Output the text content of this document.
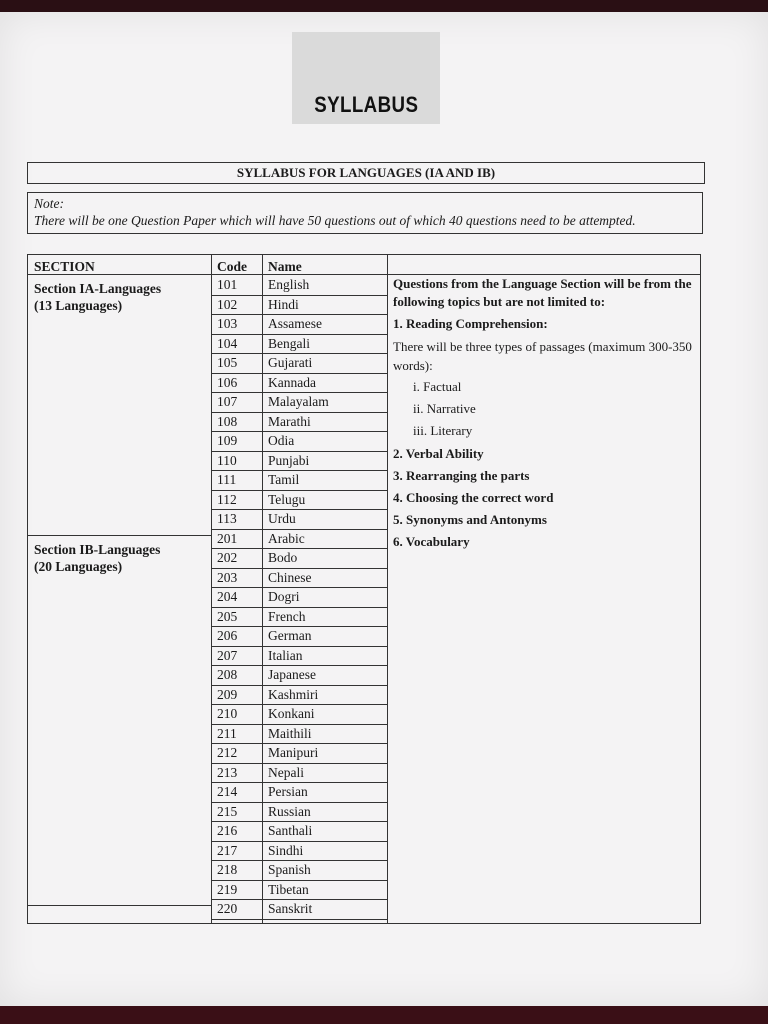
SYLLABUS
SYLLABUS FOR LANGUAGES (IA AND IB)
Note:
There will be one Question Paper which will have 50 questions out of which 40 questions need to be attempted.
SECTION	Code Name
Section IA-Languages
(13 Languages)
Section IB-Languages
(20 Languages)
101 English
102 Hindi
103 Assamese
104 Bengali
105 Gujarati
106 Kannada
107 Malayalam
108 Marathi
109 Odia
110 Punjabi
111 Tamil
112 Telugu
113 Urdu
201 Arabic
202 Bodo
203 Chinese
204 Dogri
205 French
206 German
207 Italian
208 Japanese
209 Kashmiri
210 Konkani
211 Maithili
212 Manipuri
213 Nepali
214 Persian
215 Russian
216 Santhali
217 Sindhi
218 Spanish
219 Tibetan
220 Sanskrit

Questions from the Language Section will be from the following topics but are not limited to:

1. Reading Comprehension:

There will be three types of passages (maximum 300-350 words):

i. Factual
ii. Narrative
iii. Literary

2. Verbal Ability

3. Rearranging the parts

4. Choosing the correct word

5. Synonyms and Antonyms

6. Vocabulary
